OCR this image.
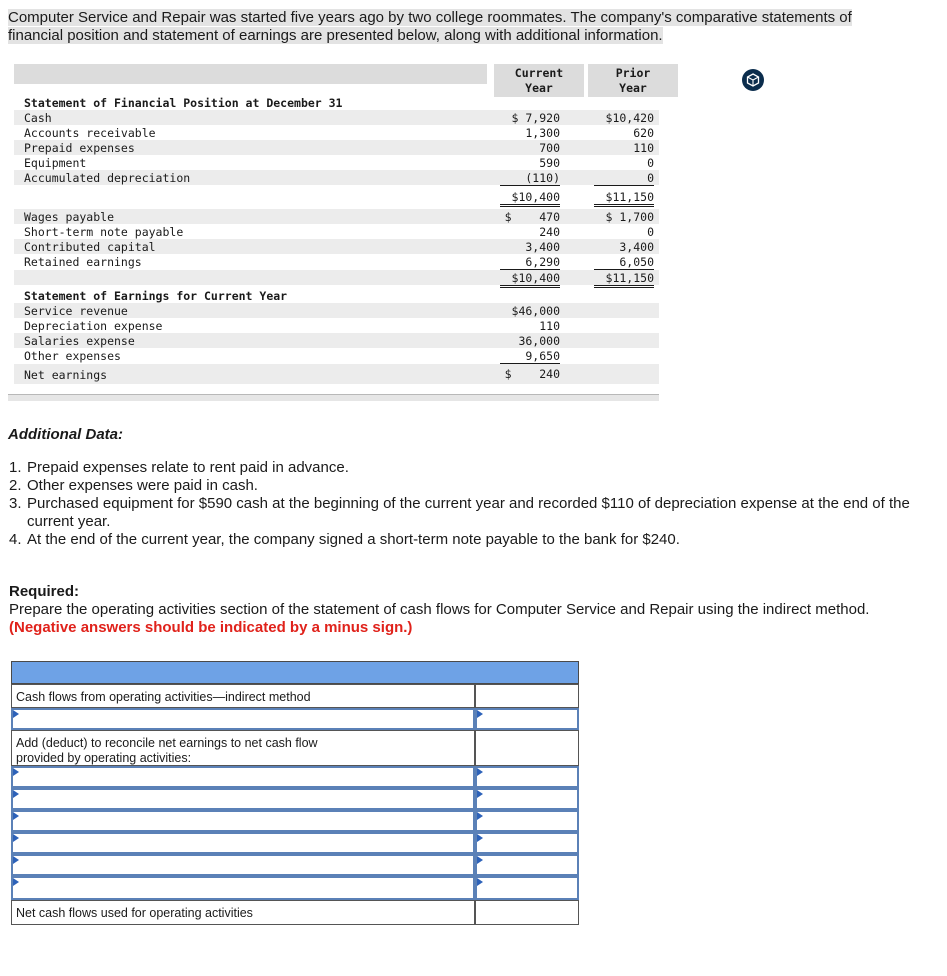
Computer Service and Repair was started five years ago by two college roommates. The company's comparative statements of financial position and statement of earnings are presented below, along with additional information.
Current Year
Prior Year
Statement of Financial Position at December 31
Cash	$ 7,920	$10,420
Accounts receivable	1,300	620
Prepaid expenses	700	110
Equipment	590	0
Accumulated depreciation	(110)	0
$10,400	$11,150
Wages payable	$    470	$ 1,700
Short-term note payable	240	0
Contributed capital	3,400	3,400
Retained earnings	6,290	6,050
$10,400	$11,150
Statement of Earnings for Current Year
Service revenue	$46,000
Depreciation expense	110
Salaries expense	36,000
Other expenses	9,650
Net earnings	$    240
Additional Data:
1. Prepaid expenses relate to rent paid in advance.
2. Other expenses were paid in cash.
3. Purchased equipment for $590 cash at the beginning of the current year and recorded $110 of depreciation expense at the end of the current year.
4. At the end of the current year, the company signed a short-term note payable to the bank for $240.
Required:
Prepare the operating activities section of the statement of cash flows for Computer Service and Repair using the indirect method.
(Negative answers should be indicated by a minus sign.)
Cash flows from operating activities—indirect method
Add (deduct) to reconcile net earnings to net cash flow provided by operating activities:
Net cash flows used for operating activities
